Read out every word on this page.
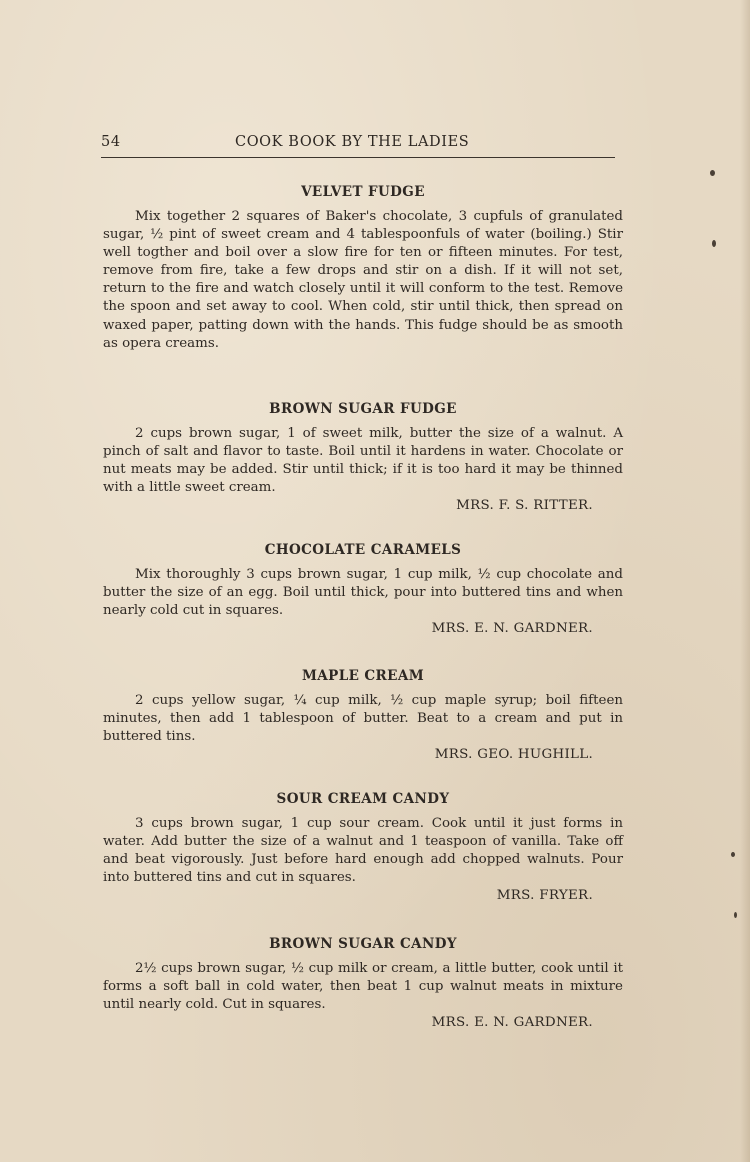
54	COOK BOOK BY THE LADIES
VELVET FUDGE

Mix together 2 squares of Baker's chocolate, 3 cupfuls of granulated sugar, ½ pint of sweet cream and 4 tablespoonfuls of water (boiling.) Stir well togther and boil over a slow fire for ten or fifteen minutes. For test, remove from fire, take a few drops and stir on a dish. If it will not set, return to the fire and watch closely until it will conform to the test. Remove the spoon and set away to cool. When cold, stir until thick, then spread on waxed paper, patting down with the hands. This fudge should be as smooth as opera creams.

BROWN SUGAR FUDGE

2 cups brown sugar, 1 of sweet milk, butter the size of a walnut. A pinch of salt and flavor to taste. Boil until it hardens in water. Chocolate or nut meats may be added. Stir until thick; if it is too hard it may be thinned with a little sweet cream.

MRS. F. S. RITTER.
CHOCOLATE CARAMELS

Mix thoroughly 3 cups brown sugar, 1 cup milk, ½ cup chocolate and butter the size of an egg. Boil until thick, pour into buttered tins and when nearly cold cut in squares.

MRS. E. N. GARDNER.
MAPLE CREAM

2 cups yellow sugar, ¼ cup milk, ½ cup maple syrup; boil fifteen minutes, then add 1 tablespoon of butter. Beat to a cream and put in buttered tins.

MRS. GEO. HUGHILL.
SOUR CREAM CANDY

3 cups brown sugar, 1 cup sour cream. Cook until it just forms in water. Add butter the size of a walnut and 1 teaspoon of vanilla. Take off and beat vigorously. Just before hard enough add chopped walnuts. Pour into buttered tins and cut in squares.

MRS. FRYER.
BROWN SUGAR CANDY

2½ cups brown sugar, ½ cup milk or cream, a little butter, cook until it forms a soft ball in cold water, then beat 1 cup walnut meats in mixture until nearly cold. Cut in squares.

MRS. E. N. GARDNER.
